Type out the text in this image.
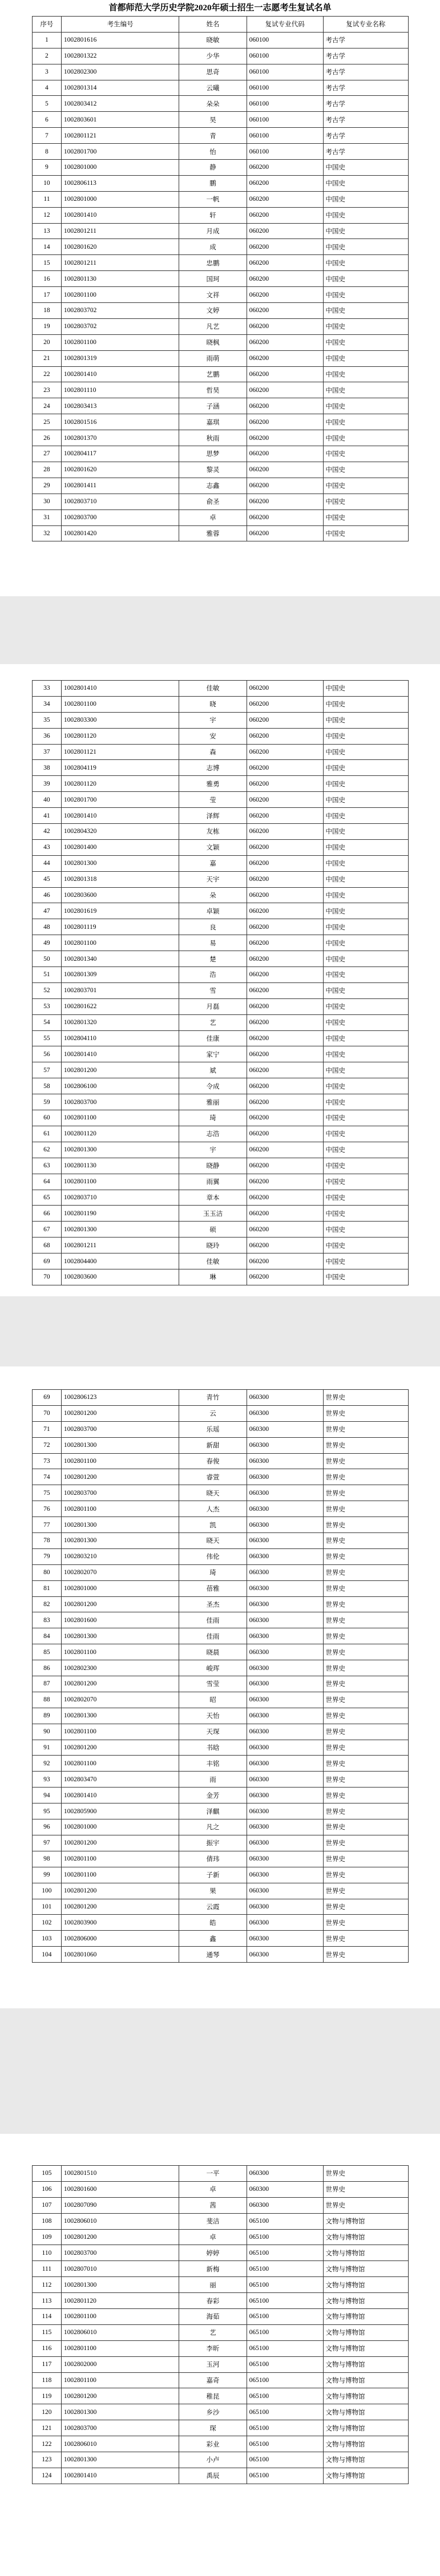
首都师范大学历史学院2020年硕士招生一志愿考生复试名单
序号	考生编号	姓名	复试专业代码	复试专业名称
1	1002801616	晓敏	060100	考古学
2	1002801322	少华	060100	考古学
3	1002802300	思奇	060100	考古学
4	1002801314	云曦	060100	考古学
5	1002803412	朵朵	060100	考古学
6	1002803601	昊	060100	考古学
7	1002801121	青	060100	考古学
8	1002801700	怡	060100	考古学
9	1002801000	静	060200	中国史
10	1002806113	鹏	060200	中国史
11	1002801000	一帆	060200	中国史
12	1002801410	轩	060200	中国史
13	1002801211	月成	060200	中国史
14	1002801620	成	060200	中国史
15	1002801211	忠鹏	060200	中国史
16	1002801130	国珂	060200	中国史
17	1002801100	文祥	060200	中国史
18	1002803702	文婷	060200	中国史
19	1002803702	凡艺	060200	中国史
20	1002801100	晓枫	060200	中国史
21	1002801319	雨萌	060200	中国史
22	1002801410	艺鹏	060200	中国史
23	1002801110	哲昊	060200	中国史
24	1002803413	子涵	060200	中国史
25	1002801516	嘉琪	060200	中国史
26	1002801370	秋雨	060200	中国史
27	1002804117	思梦	060200	中国史
28	1002801620	黎灵	060200	中国史
29	1002801411	志鑫	060200	中国史
30	1002803710	俞圣	060200	中国史
31	1002803700	卓	060200	中国史
32	1002801420	雅蓉	060200	中国史
33	1002801410	佳敏	060200	中国史
34	1002801100	晓	060200	中国史
35	1002803300	宇	060200	中国史
36	1002801120	安	060200	中国史
37	1002801121	森	060200	中国史
38	1002804119	志博	060200	中国史
39	1002801120	雅勇	060200	中国史
40	1002801700	莹	060200	中国史
41	1002801410	泽辉	060200	中国史
42	1002804320	友栋	060200	中国史
43	1002801400	文颖	060200	中国史
44	1002801300	嘉	060200	中国史
45	1002801318	天宇	060200	中国史
46	1002803600	朵	060200	中国史
47	1002801619	卓颖	060200	中国史
48	1002801119	良	060200	中国史
49	1002801100	易	060200	中国史
50	1002801340	楚	060200	中国史
51	1002801309	浩	060200	中国史
52	1002803701	雪	060200	中国史
53	1002801622	月磊	060200	中国史
54	1002801320	艺	060200	中国史
55	1002804110	佳康	060200	中国史
56	1002801410	家宁	060200	中国史
57	1002801200	斌	060200	中国史
58	1002806100	令成	060200	中国史
59	1002803700	雅丽	060200	中国史
60	1002801100	琦	060200	中国史
61	1002801120	志浩	060200	中国史
62	1002801300	宇	060200	中国史
63	1002801130	晓静	060200	中国史
64	1002801100	雨翼	060200	中国史
65	1002803710	章本	060200	中国史
66	1002801190	玉玉洁	060200	中国史
67	1002801300	硕	060200	中国史
68	1002801211	晓玲	060200	中国史
69	1002804400	佳敏	060200	中国史
70	1002803600	琳	060200	中国史
69	1002806123	青竹	060300	世界史
70	1002801200	云	060300	世界史
71	1002803700	乐瑶	060300	世界史
72	1002801300	新甜	060300	世界史
73	1002801100	春俊	060300	世界史
74	1002801200	睿萱	060300	世界史
75	1002803700	晓天	060300	世界史
76	1002801100	人杰	060300	世界史
77	1002801300	凯	060300	世界史
78	1002801300	晓天	060300	世界史
79	1002803210	伟伦	060300	世界史
80	1002802070	琦	060300	世界史
81	1002801000	蓓雅	060300	世界史
82	1002801200	圣杰	060300	世界史
83	1002801600	佳雨	060300	世界史
84	1002801300	佳雨	060300	世界史
85	1002801100	晓晨	060300	世界史
86	1002802300	峻珲	060300	世界史
87	1002801200	雪莹	060300	世界史
88	1002802070	昭	060300	世界史
89	1002801300	天怡	060300	世界史
90	1002801100	天琛	060300	世界史
91	1002801200	书晗	060300	世界史
92	1002801100	丰铭	060300	世界史
93	1002803470	雨	060300	世界史
94	1002801410	金芳	060300	世界史
95	1002805900	泽麒	060300	世界史
96	1002801000	凡之	060300	世界史
97	1002801200	振宇	060300	世界史
98	1002801100	倩玮	060300	世界史
99	1002801100	子新	060300	世界史
100	1002801200	果	060300	世界史
101	1002801200	云霞	060300	世界史
102	1002803900	皓	060300	世界史
103	1002806000	鑫	060300	世界史
104	1002801060	通琴	060300	世界史
105	1002801510	一平	060300	世界史
106	1002801600	卓	060300	世界史
107	1002807090	茜	060300	世界史
108	1002806010	斐洁	065100	文物与博物馆
109	1002801200	卓	065100	文物与博物馆
110	1002803700	婷婷	065100	文物与博物馆
111	1002807010	新梅	065100	文物与博物馆
112	1002801300	丽	065100	文物与博物馆
113	1002801120	春彩	065100	文物与博物馆
114	1002801100	海茹	065100	文物与博物馆
115	1002806010	艺	065100	文物与博物馆
116	1002801100	李昕	065100	文物与博物馆
117	1002802000	玉河	065100	文物与博物馆
118	1002801100	嘉奇	065100	文物与博物馆
119	1002801200	稚昆	065100	文物与博物馆
120	1002801300	乡沙	065100	文物与博物馆
121	1002803700	琛	065100	文物与博物馆
122	1002806010	彩业	065100	文物与博物馆
123	1002801300	小卢	065100	文物与博物馆
124	1002801410	禹辰	065100	文物与博物馆
